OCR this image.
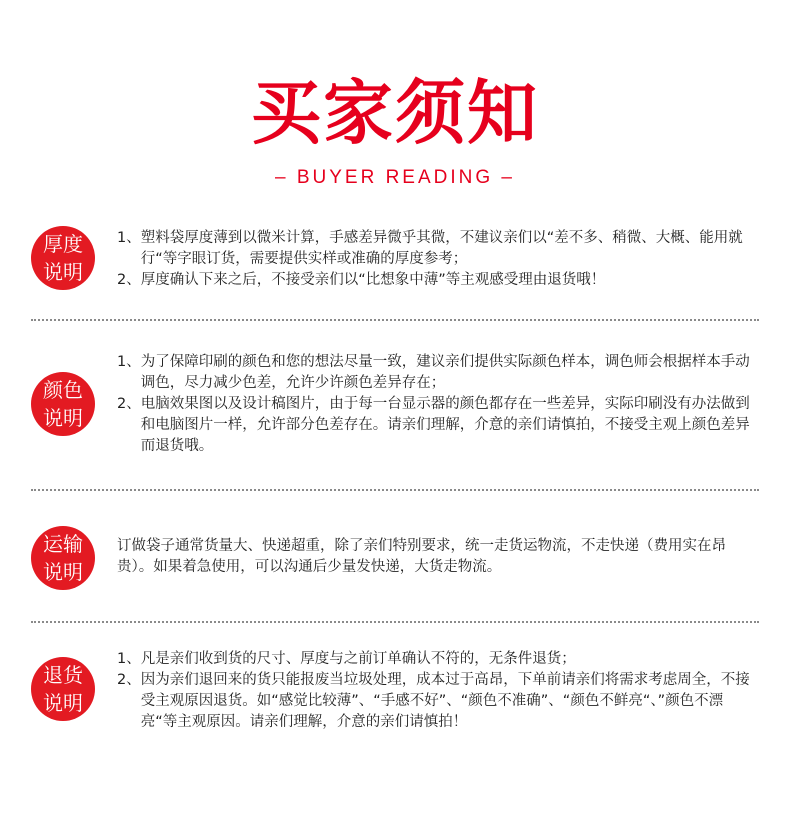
买家须知
– BUYER READING –
厚度
说明
1、 塑料袋厚度薄到以微米计算，手感差异微乎其微，不建议亲们以“差不多、稍微、大概、能用就行“等字眼订货，需要提供实样或准确的厚度参考；
2、 厚度确认下来之后，不接受亲们以“比想象中薄”等主观感受理由退货哦！
颜色
说明
1、 为了保障印刷的颜色和您的想法尽量一致，建议亲们提供实际颜色样本，调色师会根据样本手动调色，尽力减少色差，允许少许颜色差异存在；
2、 电脑效果图以及设计稿图片，由于每一台显示器的颜色都存在一些差异，实际印刷没有办法做到和电脑图片一样，允许部分色差存在。请亲们理解，介意的亲们请慎拍，不接受主观上颜色差异而退货哦。
运输
说明
订做袋子通常货量大、快递超重，除了亲们特别要求，统一走货运物流，不走快递（费用实在昂贵）。如果着急使用，可以沟通后少量发快递，大货走物流。
退货
说明
1、 凡是亲们收到货的尺寸、厚度与之前订单确认不符的，无条件退货；
2、 因为亲们退回来的货只能报废当垃圾处理，成本过于高昂，下单前请亲们将需求考虑周全，不接受主观原因退货。如“感觉比较薄”、“手感不好”、“颜色不准确”、“颜色不鲜亮“、”颜色不漂亮“等主观原因。请亲们理解，介意的亲们请慎拍！
